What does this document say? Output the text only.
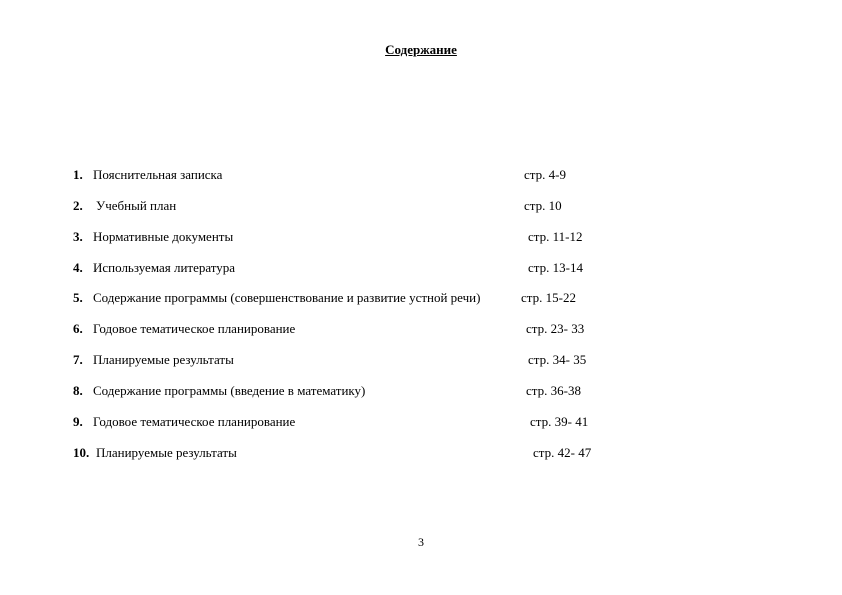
Содержание
1. Пояснительная записка	стр. 4-9
2. Учебный план	стр. 10
3. Нормативные документы	стр. 11-12
4. Используемая литература	стр. 13-14
5. Содержание программы (совершенствование и развитие устной речи)	стр. 15-22
6. Годовое тематическое планирование	стр. 23- 33
7. Планируемые результаты	стр. 34- 35
8. Содержание программы (введение в математику)	стр. 36-38
9. Годовое тематическое планирование	стр. 39- 41
10. Планируемые результаты	стр. 42- 47
3
